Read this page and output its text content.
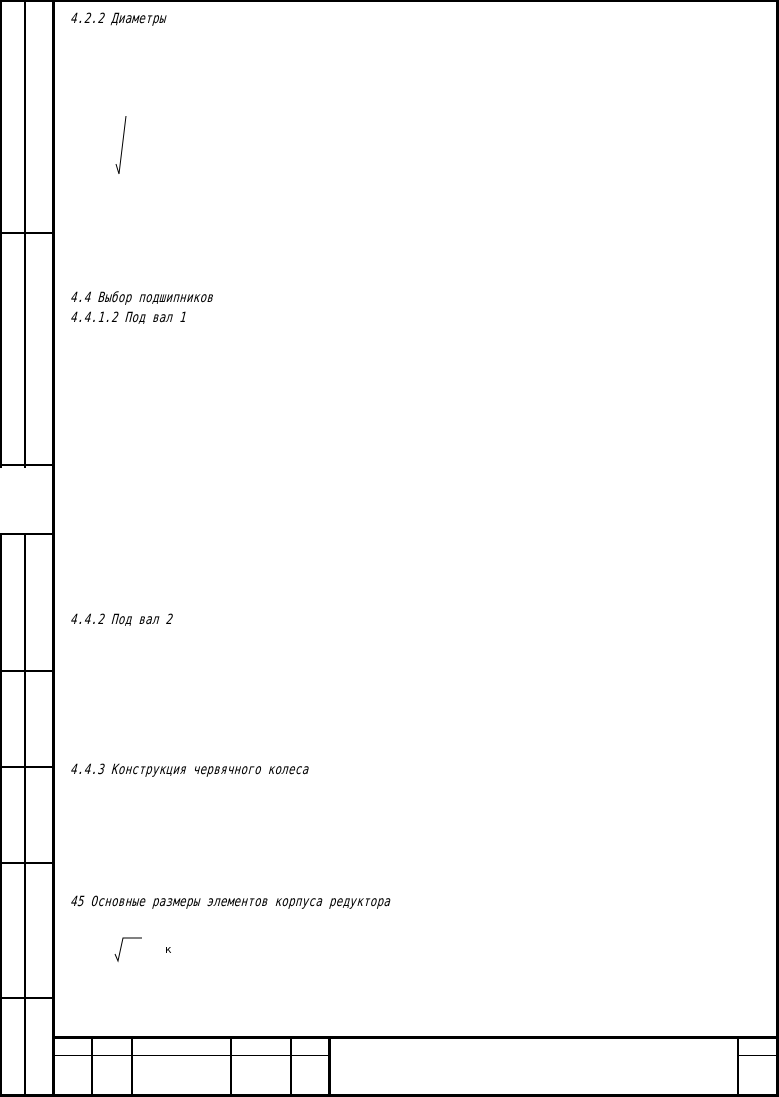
4.2.2 Диаметры
4.4 Выбор подшипников
4.4.1.2 Под вал 1
4.4.2 Под вал 2
4.4.3 Конструкция червячного колеса
45 Основные размеры элементов корпуса редуктора
к
